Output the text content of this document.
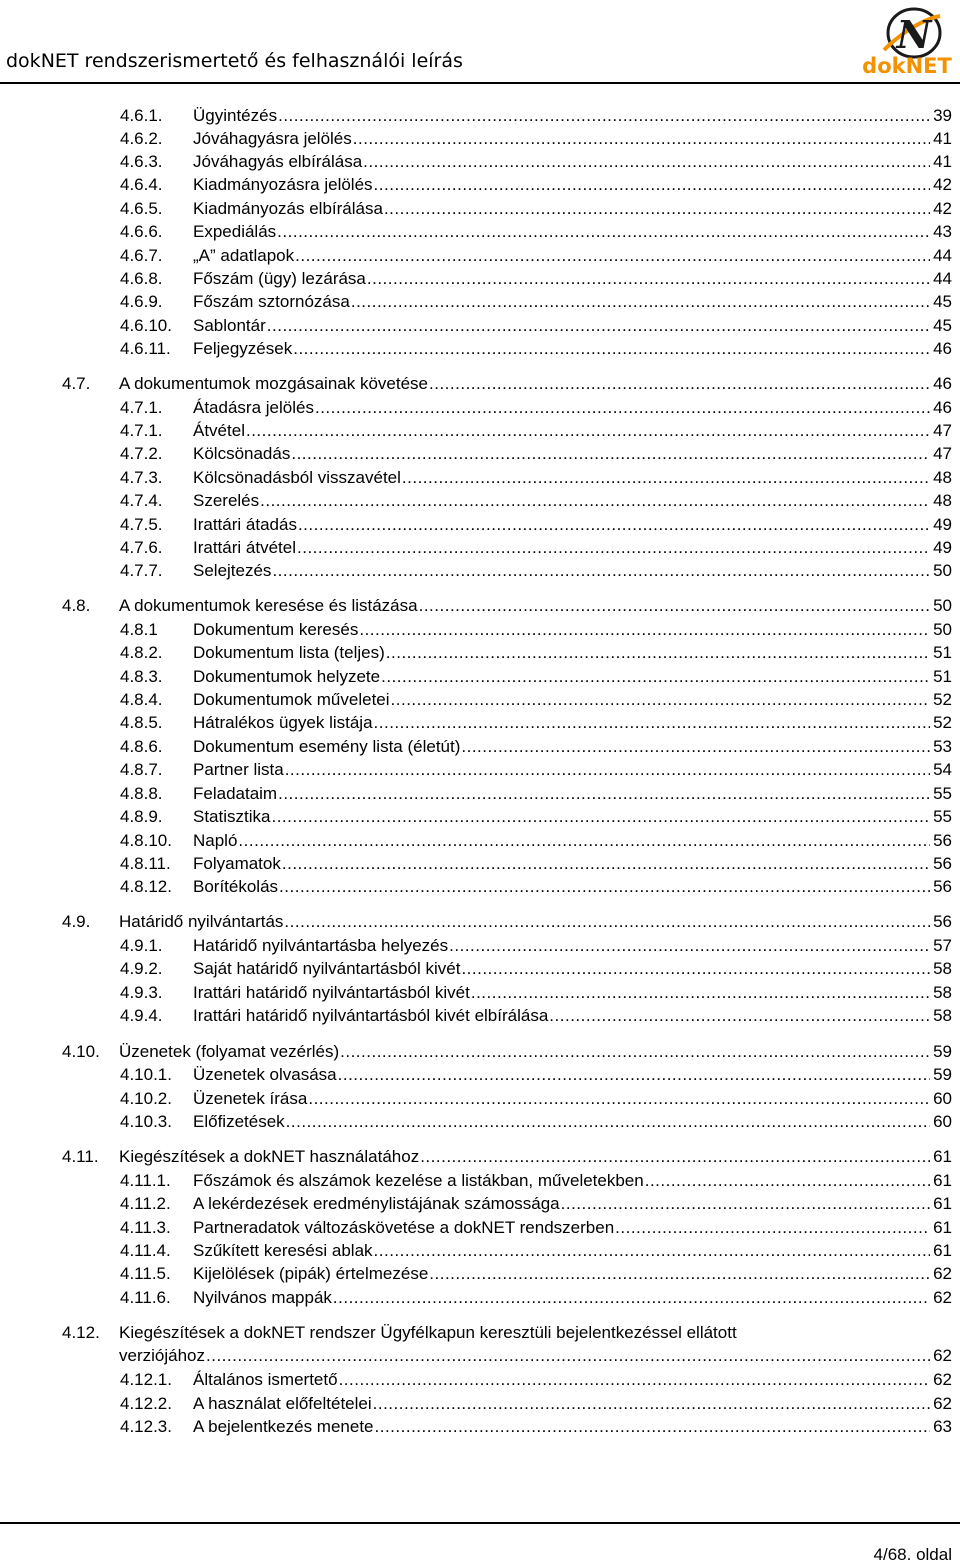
dokNET rendszerismertető és felhasználói leírás
N
dokNET
4.6.1.	Ügyintézés .....	39
4.6.2.	Jóváhagyásra jelölés .....	41
4.6.3.	Jóváhagyás elbírálása .....	41
4.6.4.	Kiadmányozásra jelölés .....	42
4.6.5.	Kiadmányozás elbírálása .....	42
4.6.6.	Expediálás .....	43
4.6.7.	„A” adatlapok .....	44
4.6.8.	Főszám (ügy) lezárása .....	44
4.6.9.	Főszám sztornózása .....	45
4.6.10.	Sablontár .....	45
4.6.11.	Feljegyzések .....	46
4.7.	A dokumentumok mozgásainak követése .....	46
4.7.1.	Átadásra jelölés .....	46
4.7.1.	Átvétel .....	47
4.7.2.	Kölcsönadás .....	47
4.7.3.	Kölcsönadásból visszavétel .....	48
4.7.4.	Szerelés .....	48
4.7.5.	Irattári átadás .....	49
4.7.6.	Irattári átvétel .....	49
4.7.7.	Selejtezés .....	50
4.8.	A dokumentumok keresése és listázása .....	50
4.8.1	Dokumentum keresés .....	50
4.8.2.	Dokumentum lista (teljes) .....	51
4.8.3.	Dokumentumok helyzete .....	51
4.8.4.	Dokumentumok műveletei .....	52
4.8.5.	Hátralékos ügyek listája .....	52
4.8.6.	Dokumentum esemény lista (életút) .....	53
4.8.7.	Partner lista .....	54
4.8.8.	Feladataim .....	55
4.8.9.	Statisztika .....	55
4.8.10.	Napló .....	56
4.8.11.	Folyamatok .....	56
4.8.12.	Borítékolás .....	56
4.9.	Határidő nyilvántartás .....	56
4.9.1.	Határidő nyilvántartásba helyezés .....	57
4.9.2.	Saját határidő nyilvántartásból kivét .....	58
4.9.3.	Irattári határidő nyilvántartásból kivét .....	58
4.9.4.	Irattári határidő nyilvántartásból kivét elbírálása .....	58
4.10.	Üzenetek (folyamat vezérlés) .....	59
4.10.1.	Üzenetek olvasása .....	59
4.10.2.	Üzenetek írása .....	60
4.10.3.	Előfizetések .....	60
4.11.	Kiegészítések a dokNET használatához .....	61
4.11.1.	Főszámok és alszámok kezelése a listákban, műveletekben .....	61
4.11.2.	A lekérdezések eredménylistájának számossága .....	61
4.11.3.	Partneradatok változáskövetése a dokNET rendszerben .....	61
4.11.4.	Szűkített keresési ablak .....	61
4.11.5.	Kijelölések (pipák) értelmezése .....	62
4.11.6.	Nyilvános mappák .....	62
4.12.	Kiegészítések a dokNET rendszer Ügyfélkapun keresztüli bejelentkezéssel ellátott
verziójához .....	62
4.12.1.	Általános ismertető .....	62
4.12.2.	A használat előfeltételei .....	62
4.12.3.	A bejelentkezés menete .....	63
4/68. oldal
